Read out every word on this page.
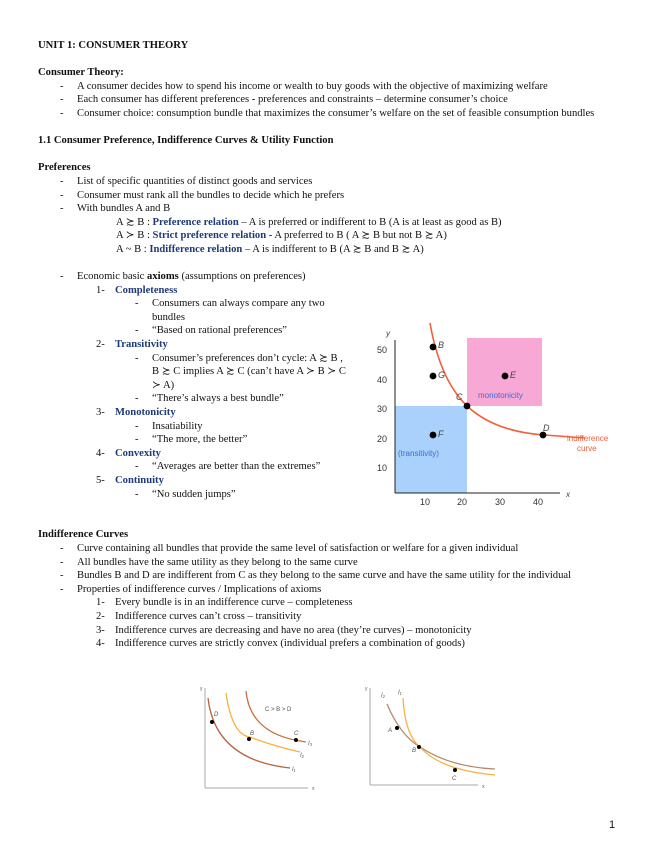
UNIT 1: CONSUMER THEORY
Consumer Theory:
- A consumer decides how to spend his income or wealth to buy goods with the objective of maximizing welfare
- Each consumer has different preferences - preferences and constraints – determine consumer’s choice
- Consumer choice: consumption bundle that maximizes the consumer’s welfare on the set of feasible consumption bundles
1.1 Consumer Preference, Indifference Curves & Utility Function
Preferences
- List of specific quantities of distinct goods and services
- Consumer must rank all the bundles to decide which he prefers
- With bundles A and B
A ≿ B : Preference relation – A is preferred or indifferent to B (A is at least as good as B)
A ≻ B : Strict preference relation - A preferred to B ( A ≿ B but not B ≿ A)
A ~ B : Indifference relation – A is indifferent to B (A ≿ B and B ≿ A)
- Economic basic axioms (assumptions on preferences)
1- Completeness
- Consumers can always compare any two bundles
- “Based on rational preferences”
2- Transitivity
- Consumer’s preferences don’t cycle: A ≿ B , B ≿ C implies A ≿ C (can’t have A ≻ B ≻ C ≻ A)
- “There’s always a best bundle”
3- Monotonicity
- Insatiability
- “The more, the better”
4- Convexity
- “Averages are better than the extremes”
5- Continuity
- “No sudden jumps”
Indifference Curves
- Curve containing all bundles that provide the same level of satisfaction or welfare for a given individual
- All bundles have the same utility as they belong to the same curve
- Bundles B and D are indifferent from C as they belong to the same curve and have the same utility for the individual
- Properties of indifference curves / Implications of axioms
1- Every bundle is in an indifference curve – completeness
2- Indifference curves can’t cross – transitivity
3- Indifference curves are decreasing and have no area (they’re curves) – monotonicity
4- Indifference curves are strictly convex (individual prefers a combination of goods)
y
x
10	20	30	40
10
20
30
40
50	B
G	E
C
F
D
monotonicity
(transitivity)
indifference
curve
y
x
D
B	C
I₁
I₂
I₃
C > B > D
y
x
A
B
C
I₂ I₁
1
